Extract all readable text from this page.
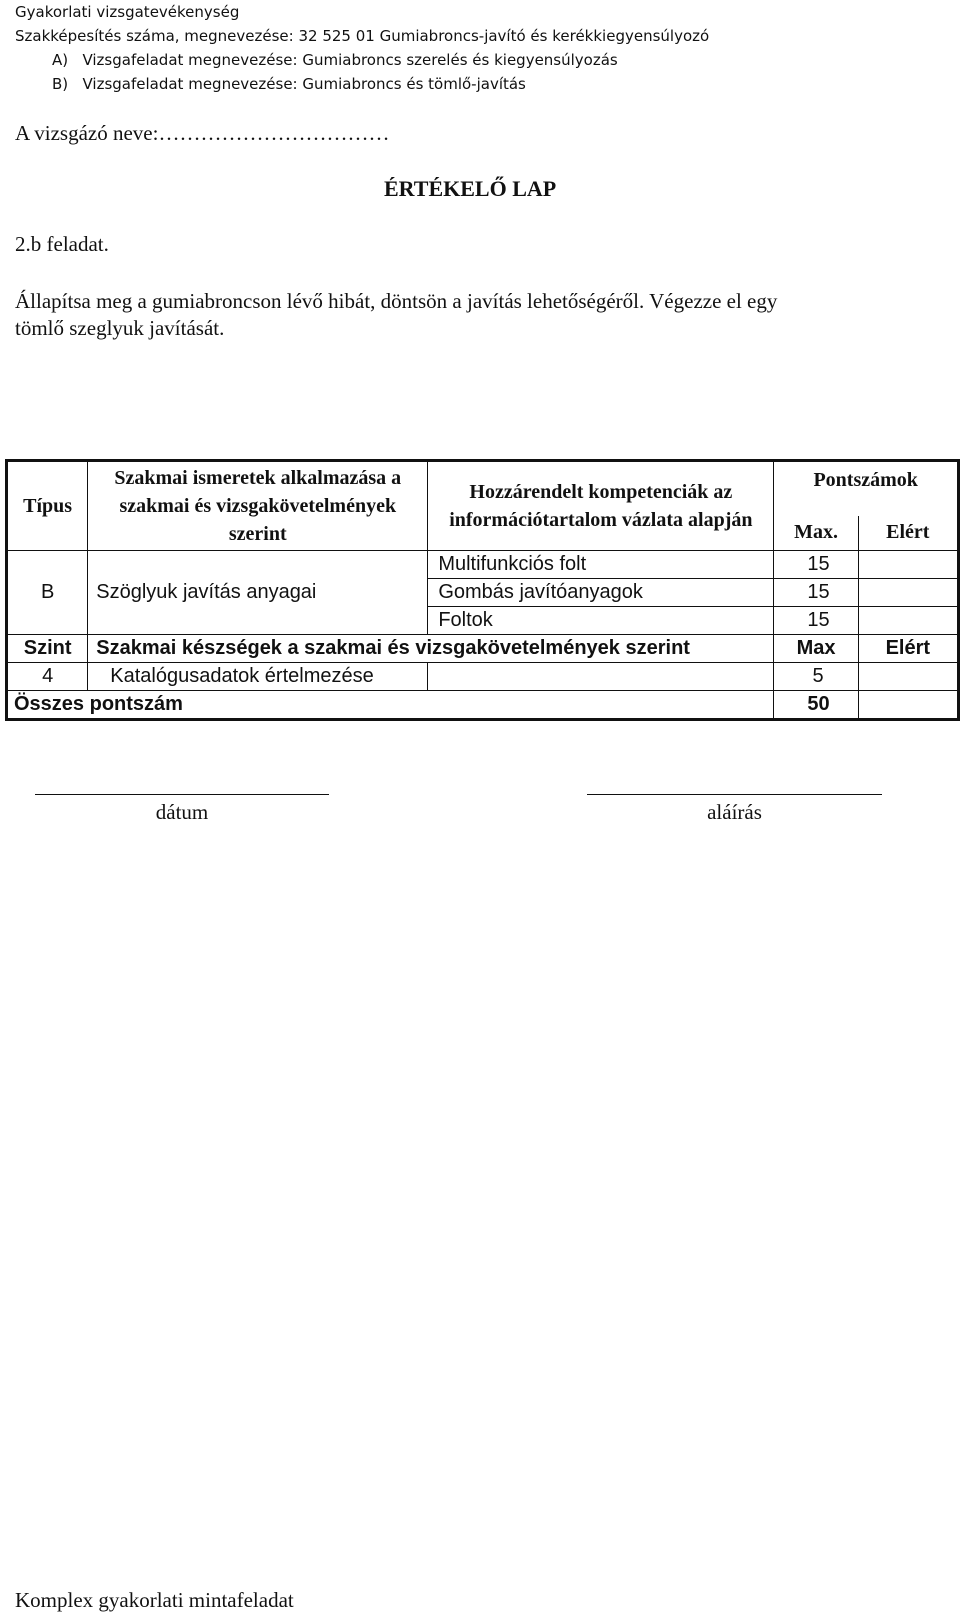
Gyakorlati vizsgatevékenység
Szakképesítés száma, megnevezése: 32 525 01 Gumiabroncs-javító és kerékkiegyensúlyozó
A) Vizsgafeladat megnevezése: Gumiabroncs szerelés és kiegyensúlyozás
B) Vizsgafeladat megnevezése: Gumiabroncs és tömlő-javítás
A vizsgázó neve:……………………………
ÉRTÉKELŐ LAP
2.b feladat.
Állapítsa meg a gumiabroncson lévő hibát, döntsön a javítás lehetőségéről. Végezze el egy
tömlő szeglyuk javítását.
Típus	Szakmai ismeretek alkalmazása a szakmai és vizsgakövetelmények szerint	Hozzárendelt kompetenciák az információtartalom vázlata alapján	Pontszámok	
			Max.	Elért
B	Szöglyuk javítás anyagai	Multifunkciós folt	15	
		Gombás javítóanyagok	15	
		Foltok	15	
Szint	Szakmai készségek a szakmai és vizsgakövetelmények szerint		Max	Elért
4	Katalógusadatok értelmezése		5	
Összes pontszám			50	
dátum	aláírás
Komplex gyakorlati mintafeladat
